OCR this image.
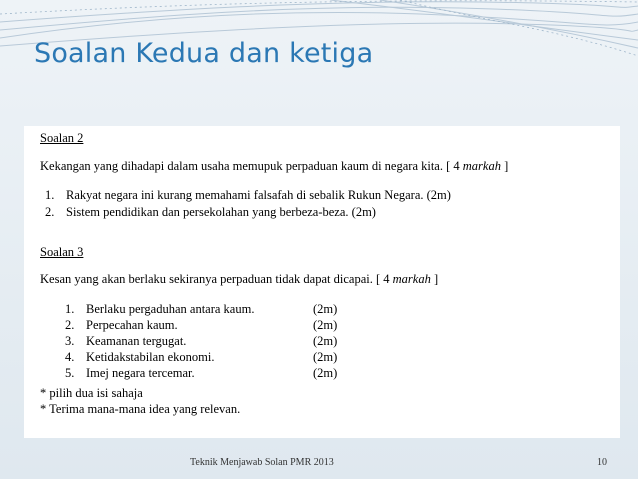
Soalan Kedua dan ketiga
Soalan 2
Kekangan yang dihadapi dalam usaha memupuk perpaduan kaum di negara kita. [ 4 markah ]
1. Rakyat negara ini kurang memahami falsafah di sebalik Rukun Negara. (2m)
2. Sistem pendidikan dan persekolahan yang berbeza-beza. (2m)
Soalan 3
Kesan yang akan berlaku sekiranya perpaduan tidak dapat dicapai. [ 4 markah ]
1. Berlaku pergaduhan antara kaum.	(2m)
2. Perpecahan kaum.	(2m)
3. Keamanan tergugat.	(2m)
4. Ketidakstabilan ekonomi.	(2m)
5. Imej negara tercemar.	(2m)
* pilih dua isi sahaja
* Terima mana-mana idea yang relevan.
Teknik Menjawab Solan PMR 2013	10
